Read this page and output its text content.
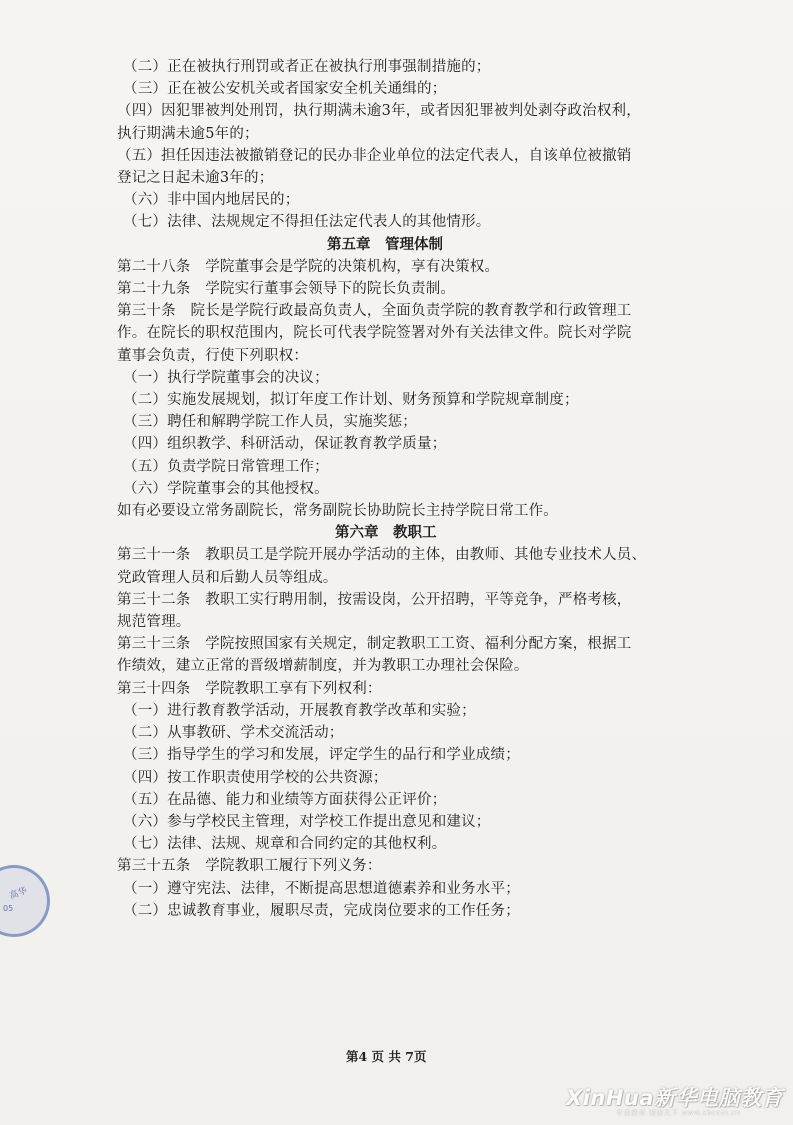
高华
05
（二）正在被执行刑罚或者正在被执行刑事强制措施的；
（三）正在被公安机关或者国家安全机关通缉的；
（四）因犯罪被判处刑罚，执行期满未逾3年，或者因犯罪被判处剥夺政治权利，
执行期满未逾5年的；
（五）担任因违法被撤销登记的民办非企业单位的法定代表人，自该单位被撤销
登记之日起未逾3年的；
（六）非中国内地居民的；
（七）法律、法规规定不得担任法定代表人的其他情形。
第五章　管理体制
第二十八条　学院董事会是学院的决策机构，享有决策权。
第二十九条　学院实行董事会领导下的院长负责制。
第三十条　院长是学院行政最高负责人，全面负责学院的教育教学和行政管理工
作。在院长的职权范围内，院长可代表学院签署对外有关法律文件。院长对学院
董事会负责，行使下列职权：
（一）执行学院董事会的决议；
（二）实施发展规划，拟订年度工作计划、财务预算和学院规章制度；
（三）聘任和解聘学院工作人员，实施奖惩；
（四）组织教学、科研活动，保证教育教学质量；
（五）负责学院日常管理工作；
（六）学院董事会的其他授权。
如有必要设立常务副院长，常务副院长协助院长主持学院日常工作。
第六章　教职工
第三十一条　教职员工是学院开展办学活动的主体，由教师、其他专业技术人员、
党政管理人员和后勤人员等组成。
第三十二条　教职工实行聘用制，按需设岗，公开招聘，平等竞争，严格考核，
规范管理。
第三十三条　学院按照国家有关规定，制定教职工工资、福利分配方案，根据工
作绩效，建立正常的晋级增薪制度，并为教职工办理社会保险。
第三十四条　学院教职工享有下列权利：
（一）进行教育教学活动，开展教育教学改革和实验；
（二）从事教研、学术交流活动；
（三）指导学生的学习和发展，评定学生的品行和学业成绩；
（四）按工作职责使用学校的公共资源；
（五）在品德、能力和业绩等方面获得公正评价；
（六）参与学校民主管理，对学校工作提出意见和建议；
（七）法律、法规、规章和合同约定的其他权利。
第三十五条　学院教职工履行下列义务：
（一）遵守宪法、法律，不断提高思想道德素养和业务水平；
（二）忠诚教育事业，履职尽责，完成岗位要求的工作任务；
第4 页 共 7页
XinHua新华电脑教育
专业教育 诚信天下 www.xhcom.cn
